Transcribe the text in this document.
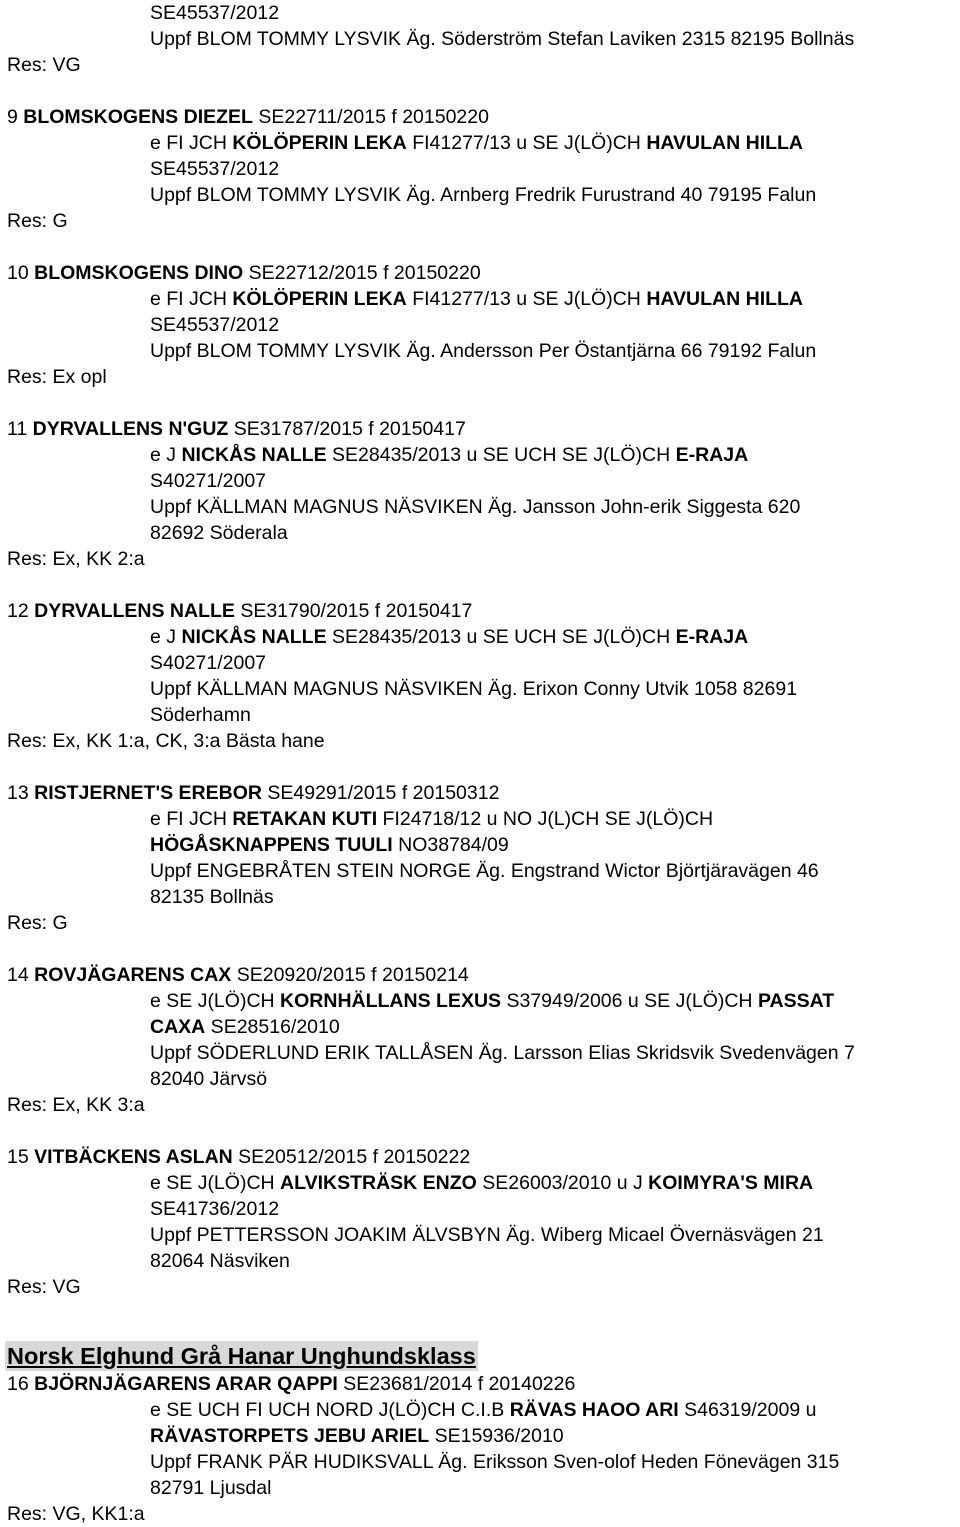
SE45537/2012
Uppf BLOM TOMMY LYSVIK Äg. Söderström Stefan Laviken 2315 82195 Bollnäs
Res: VG
9 BLOMSKOGENS DIEZEL SE22711/2015 f 20150220
e FI JCH KÖLÖPERIN LEKA FI41277/13 u SE J(LÖ)CH HAVULAN HILLA
SE45537/2012
Uppf BLOM TOMMY LYSVIK Äg. Arnberg Fredrik Furustrand 40 79195 Falun
Res: G
10 BLOMSKOGENS DINO SE22712/2015 f 20150220
e FI JCH KÖLÖPERIN LEKA FI41277/13 u SE J(LÖ)CH HAVULAN HILLA
SE45537/2012
Uppf BLOM TOMMY LYSVIK Äg. Andersson Per Östantjärna 66 79192 Falun
Res: Ex opl
11 DYRVALLENS N'GUZ SE31787/2015 f 20150417
e J NICKÅS NALLE SE28435/2013 u SE UCH SE J(LÖ)CH E-RAJA
S40271/2007
Uppf KÄLLMAN MAGNUS NÄSVIKEN Äg. Jansson John-erik Siggesta 620
82692 Söderala
Res: Ex, KK 2:a
12 DYRVALLENS NALLE SE31790/2015 f 20150417
e J NICKÅS NALLE SE28435/2013 u SE UCH SE J(LÖ)CH E-RAJA
S40271/2007
Uppf KÄLLMAN MAGNUS NÄSVIKEN Äg. Erixon Conny Utvik 1058 82691
Söderhamn
Res: Ex, KK 1:a, CK, 3:a Bästa hane
13 RISTJERNET'S EREBOR SE49291/2015 f 20150312
e FI JCH RETAKAN KUTI FI24718/12 u NO J(L)CH SE J(LÖ)CH
HÖGÅSKNAPPENS TUULI NO38784/09
Uppf ENGEBRÅTEN STEIN NORGE Äg. Engstrand Wictor Björtjäravägen 46
82135 Bollnäs
Res: G
14 ROVJÄGARENS CAX SE20920/2015 f 20150214
e SE J(LÖ)CH KORNHÄLLANS LEXUS S37949/2006 u SE J(LÖ)CH PASSAT
CAXA SE28516/2010
Uppf SÖDERLUND ERIK TALLÅSEN Äg. Larsson Elias Skridsvik Svedenvägen 7
82040 Järvsö
Res: Ex, KK 3:a
15 VITBÄCKENS ASLAN SE20512/2015 f 20150222
e SE J(LÖ)CH ALVIKSTRÄSK ENZO SE26003/2010 u J KOIMYRA'S MIRA
SE41736/2012
Uppf PETTERSSON JOAKIM ÄLVSBYN Äg. Wiberg Micael Övernäsvägen 21
82064 Näsviken
Res: VG
Norsk Elghund Grå Hanar Unghundsklass
16 BJÖRNJÄGARENS ARAR QAPPI SE23681/2014 f 20140226
e SE UCH FI UCH NORD J(LÖ)CH C.I.B RÄVAS HAOO ARI S46319/2009 u
RÄVASTORPETS JEBU ARIEL SE15936/2010
Uppf FRANK PÄR HUDIKSVALL Äg. Eriksson Sven-olof Heden Fönevägen 315
82791 Ljusdal
Res: VG, KK1:a
